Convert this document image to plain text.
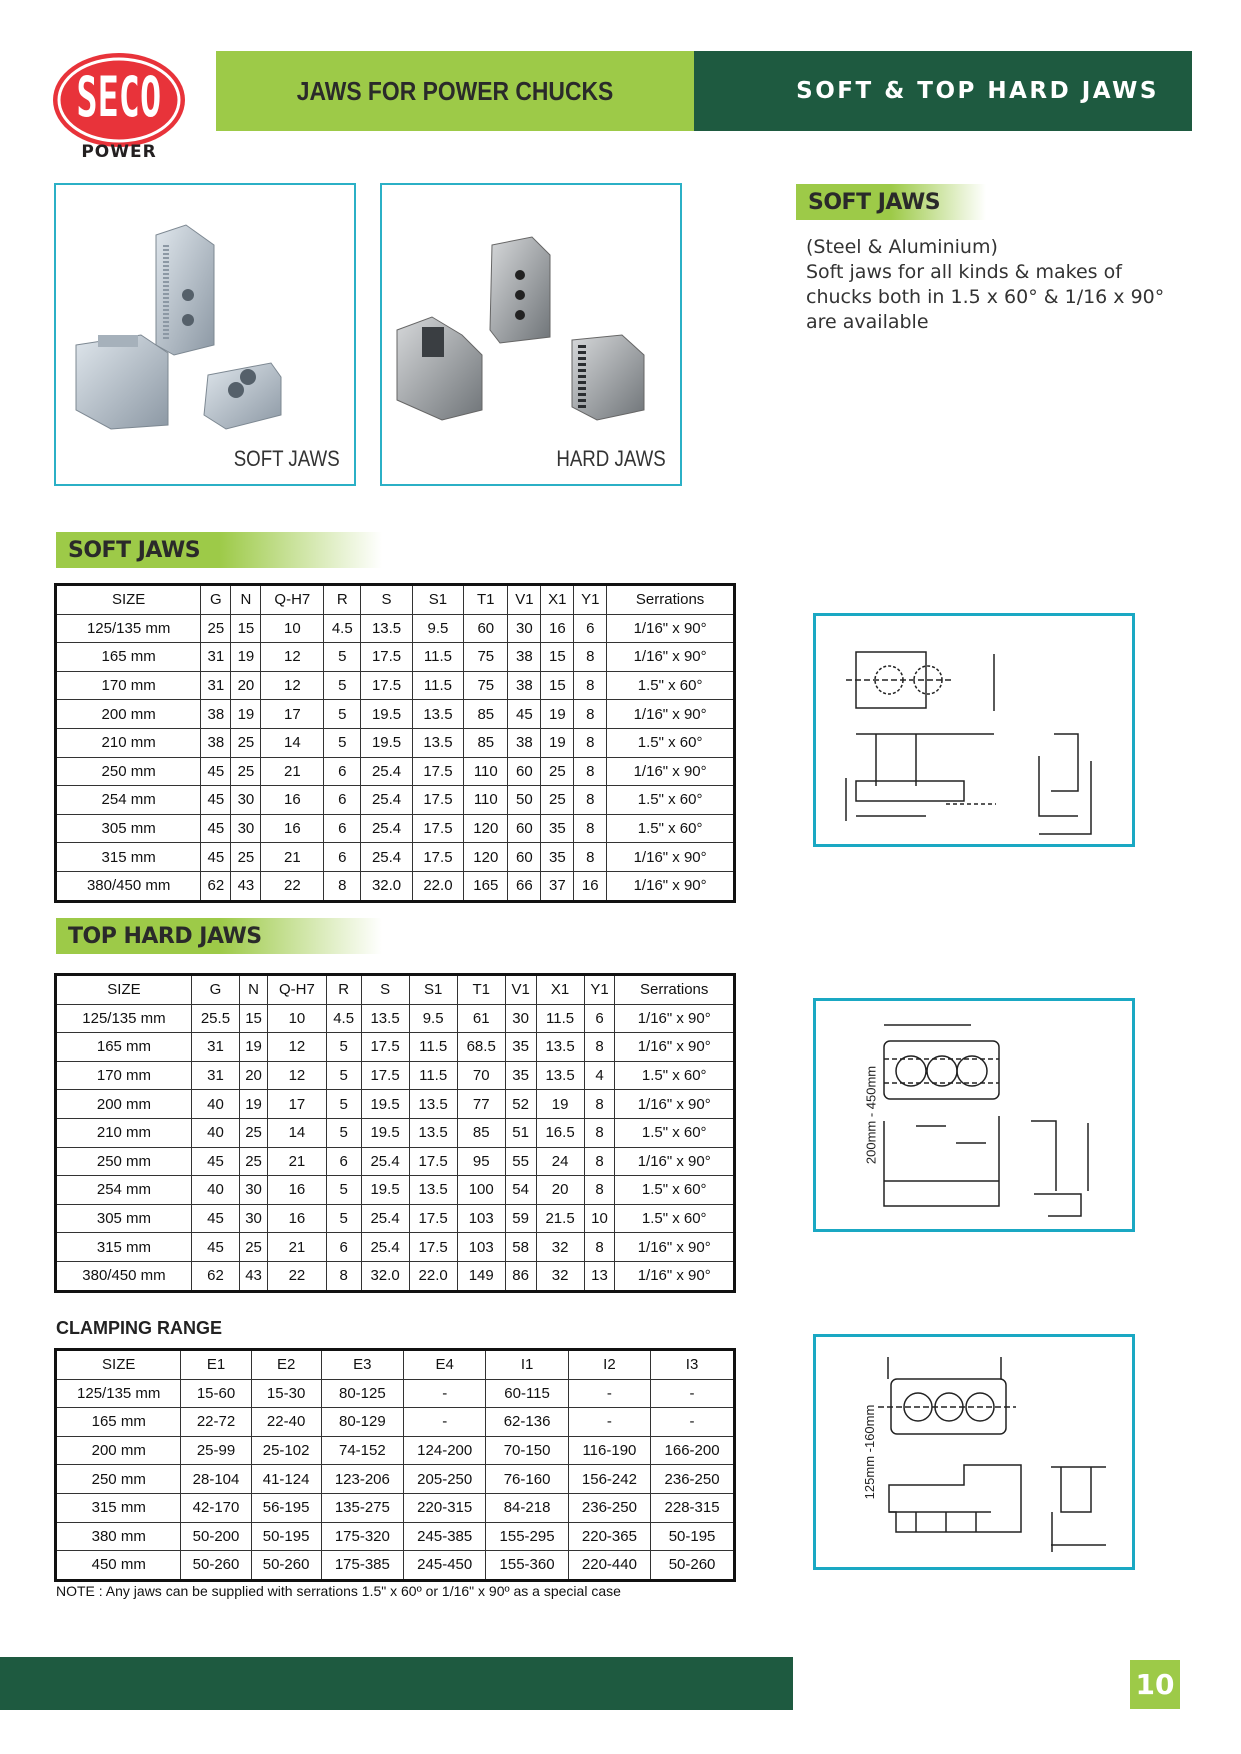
SECO
POWER
JAWS FOR POWER CHUCKS	SOFT & TOP HARD JAWS
SOFT JAWS	HARD JAWS
SOFT JAWS
(Steel & Aluminium)
Soft jaws for all kinds & makes of
chucks both in 1.5 x 60° & 1/16 x 90°
are available
SOFT JAWS
SIZE	G	N	Q-H7	R	S	S1	T1	V1	X1	Y1	Serrations
125/135 mm	25	15	10	4.5	13.5	9.5	60	30	16	6	1/16" x 90°
165 mm	31	19	12	5	17.5	11.5	75	38	15	8	1/16" x 90°
170 mm	31	20	12	5	17.5	11.5	75	38	15	8	1.5" x 60°
200 mm	38	19	17	5	19.5	13.5	85	45	19	8	1/16" x 90°
210 mm	38	25	14	5	19.5	13.5	85	38	19	8	1.5" x 60°
250 mm	45	25	21	6	25.4	17.5	110	60	25	8	1/16" x 90°
254 mm	45	30	16	6	25.4	17.5	110	50	25	8	1.5" x 60°
305 mm	45	30	16	6	25.4	17.5	120	60	35	8	1.5" x 60°
315 mm	45	25	21	6	25.4	17.5	120	60	35	8	1/16" x 90°
380/450 mm	62	43	22	8	32.0	22.0	165	66	37	16	1/16" x 90°
TOP HARD JAWS
SIZE	G	N	Q-H7	R	S	S1	T1	V1	X1	Y1	Serrations
125/135 mm	25.5	15	10	4.5	13.5	9.5	61	30	11.5	6	1/16" x 90°
165 mm	31	19	12	5	17.5	11.5	68.5	35	13.5	8	1/16" x 90°
170 mm	31	20	12	5	17.5	11.5	70	35	13.5	4	1.5" x 60°
200 mm	40	19	17	5	19.5	13.5	77	52	19	8	1/16" x 90°
210 mm	40	25	14	5	19.5	13.5	85	51	16.5	8	1.5" x 60°
250 mm	45	25	21	6	25.4	17.5	95	55	24	8	1/16" x 90°
254 mm	40	30	16	5	19.5	13.5	100	54	20	8	1.5" x 60°
305 mm	45	30	16	5	25.4	17.5	103	59	21.5	10	1.5" x 60°
315 mm	45	25	21	6	25.4	17.5	103	58	32	8	1/16" x 90°
380/450 mm	62	43	22	8	32.0	22.0	149	86	32	13	1/16" x 90°
CLAMPING RANGE
SIZE	E1	E2	E3	E4	I1	I2	I3
125/135 mm	15-60	15-30	80-125	-	60-115	-	-
165 mm	22-72	22-40	80-129	-	62-136	-	-
200 mm	25-99	25-102	74-152	124-200	70-150	116-190	166-200
250 mm	28-104	41-124	123-206	205-250	76-160	156-242	236-250
315 mm	42-170	56-195	135-275	220-315	84-218	236-250	228-315
380 mm	50-200	50-195	175-320	245-385	155-295	220-365	50-195
450 mm	50-260	50-260	175-385	245-450	155-360	220-440	50-260
NOTE : Any jaws can be supplied with serrations 1.5" x 60º or 1/16" x 90º as a special case
200mm - 450mm
125mm -160mm
10
